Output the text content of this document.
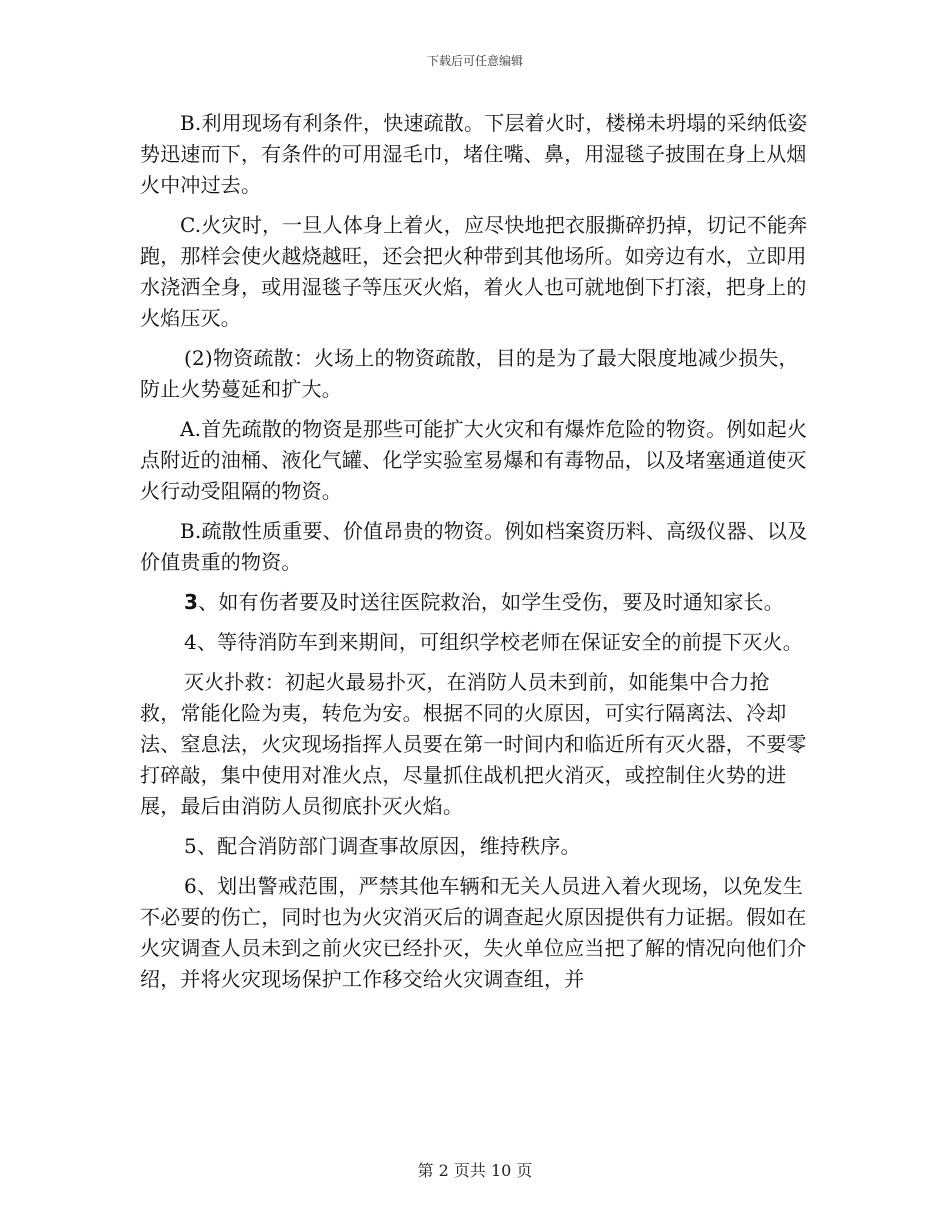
下载后可任意编辑

B.利用现场有利条件，快速疏散。下层着火时，楼梯未坍塌的采纳低姿势迅速而下，有条件的可用湿毛巾，堵住嘴、鼻，用湿毯子披围在身上从烟火中冲过去。

C.火灾时，一旦人体身上着火，应尽快地把衣服撕碎扔掉，切记不能奔跑，那样会使火越烧越旺，还会把火种带到其他场所。如旁边有水，立即用水浇洒全身，或用湿毯子等压灭火焰，着火人也可就地倒下打滚，把身上的火焰压灭。

(2)物资疏散：火场上的物资疏散，目的是为了最大限度地减少损失，防止火势蔓延和扩大。

A.首先疏散的物资是那些可能扩大火灾和有爆炸危险的物资。例如起火点附近的油桶、液化气罐、化学实验室易爆和有毒物品，以及堵塞通道使灭火行动受阻隔的物资。

B.疏散性质重要、价值昂贵的物资。例如档案资历料、高级仪器、以及价值贵重的物资。

3、如有伤者要及时送往医院救治，如学生受伤，要及时通知家长。

4、等待消防车到来期间，可组织学校老师在保证安全的前提下灭火。

灭火扑救：初起火最易扑灭，在消防人员未到前，如能集中合力抢救，常能化险为夷，转危为安。根据不同的火原因，可实行隔离法、冷却法、窒息法，火灾现场指挥人员要在第一时间内和临近所有灭火器，不要零打碎敲，集中使用对准火点，尽量抓住战机把火消灭，或控制住火势的进展，最后由消防人员彻底扑灭火焰。

5、配合消防部门调查事故原因，维持秩序。

6、划出警戒范围，严禁其他车辆和无关人员进入着火现场，以免发生不必要的伤亡，同时也为火灾消灭后的调查起火原因提供有力证据。假如在火灾调查人员未到之前火灾已经扑灭，失火单位应当把了解的情况向他们介绍，并将火灾现场保护工作移交给火灾调查组，并

第 2 页共 10 页
